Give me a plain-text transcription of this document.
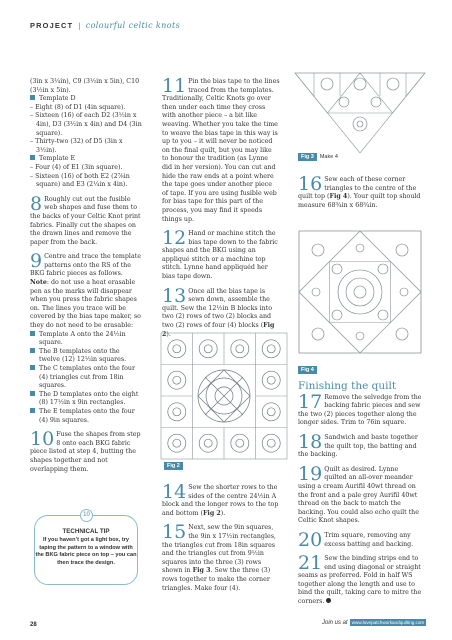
PROJECT | colourful celtic knots
(3in x 3¼in), C9 (3½in x 5in), C10
(3½in x 5in).
Template D
– Eight (8) of D1 (4in square).
– Sixteen (16) of each D2 (3½in x 4in), D3 (3½in x 4in) and D4 (3in square).
– Thirty-two (32) of D5 (3in x 3½in).
Template E
– Four (4) of E1 (3in square).
– Sixteen (16) of both E2 (2⅞in square) and E3 (2¼in x 4in).
8 Roughly cut out the fusible web shapes and fuse them to the backs of your Celtic Knot print fabrics. Finally cut the shapes on the drawn lines and remove the paper from the back.
9 Centre and trace the template patterns onto the RS of the BKG fabric pieces as follows. Note: do not use a heat erasable pen as the marks will disappear when you press the fabric shapes on. The lines you trace will be covered by the bias tape maker, so they do not need to be erasable:
Template A onto the 24½in square.
The B templates onto the twelve (12) 12½in squares.
The C templates onto the four (4) triangles cut from 18in squares.
The D templates onto the eight (8) 17½in x 9in rectangles.
The E templates onto the four (4) 9in squares.
10 Fuse the shapes from step 8 onto each BKG fabric piece listed at step 4, butting the shapes together and not overlapping them.
10
TECHNICAL TIP
If you haven’t got a light box, try taping the pattern to a window with the BKG fabric piece on top – you can then trace the design.
11 Pin the bias tape to the lines traced from the templates. Traditionally, Celtic Knots go over then under each time they cross with another piece – a bit like weaving. Whether you take the time to weave the bias tape in this way is up to you – it will never be noticed on the final quilt, but you may like to honour the tradition (as Lynne did in her version). You can cut and hide the raw ends at a point where the tape goes under another piece of tape. If you are using fusible web for bias tape for this part of the process, you may find it speeds things up.
12 Hand or machine stitch the bias tape down to the fabric shapes and the BKG using an appliqué stitch or a machine top stitch. Lynne hand appliquéd her bias tape down.
13 Once all the bias tape is sewn down, assemble the quilt. Sew the 12½in B blocks into two (2) rows of two (2) blocks and two (2) rows of four (4) blocks (Fig 2).
Fig 2
14 Sew the shorter rows to the sides of the centre 24½in A block and the longer rows to the top and bottom (Fig 2).
15 Next, sew the 9in squares, the 9in x 17½in rectangles, the triangles cut from 18in squares and the triangles cut from 9½in squares into the three (3) rows shown in Fig 3. Sew the three (3) rows together to make the corner triangles. Make four (4).
Fig 3 Make 4
16 Sew each of these corner triangles to the centre of the quilt top (Fig 4). Your quilt top should measure 68¾in x 68¾in.
Fig 4
Finishing the quilt
17 Remove the selvedge from the backing fabric pieces and sew the two (2) pieces together along the longer sides. Trim to 76in square.
18 Sandwich and baste together the quilt top, the batting and the backing.
19 Quilt as desired. Lynne quilted an all-over meander using a cream Aurifil 40wt thread on the front and a pale grey Aurifil 40wt thread on the back to match the backing. You could also echo quilt the Celtic Knot shapes.
20 Trim square, removing any excess batting and backing.
21 Sew the binding strips end to end using diagonal or straight seams as preferred. Fold in half WS together along the length and use to bind the quilt, taking care to mitre the corners.
28	Join us at www.lovepatchworkandquilting.com
